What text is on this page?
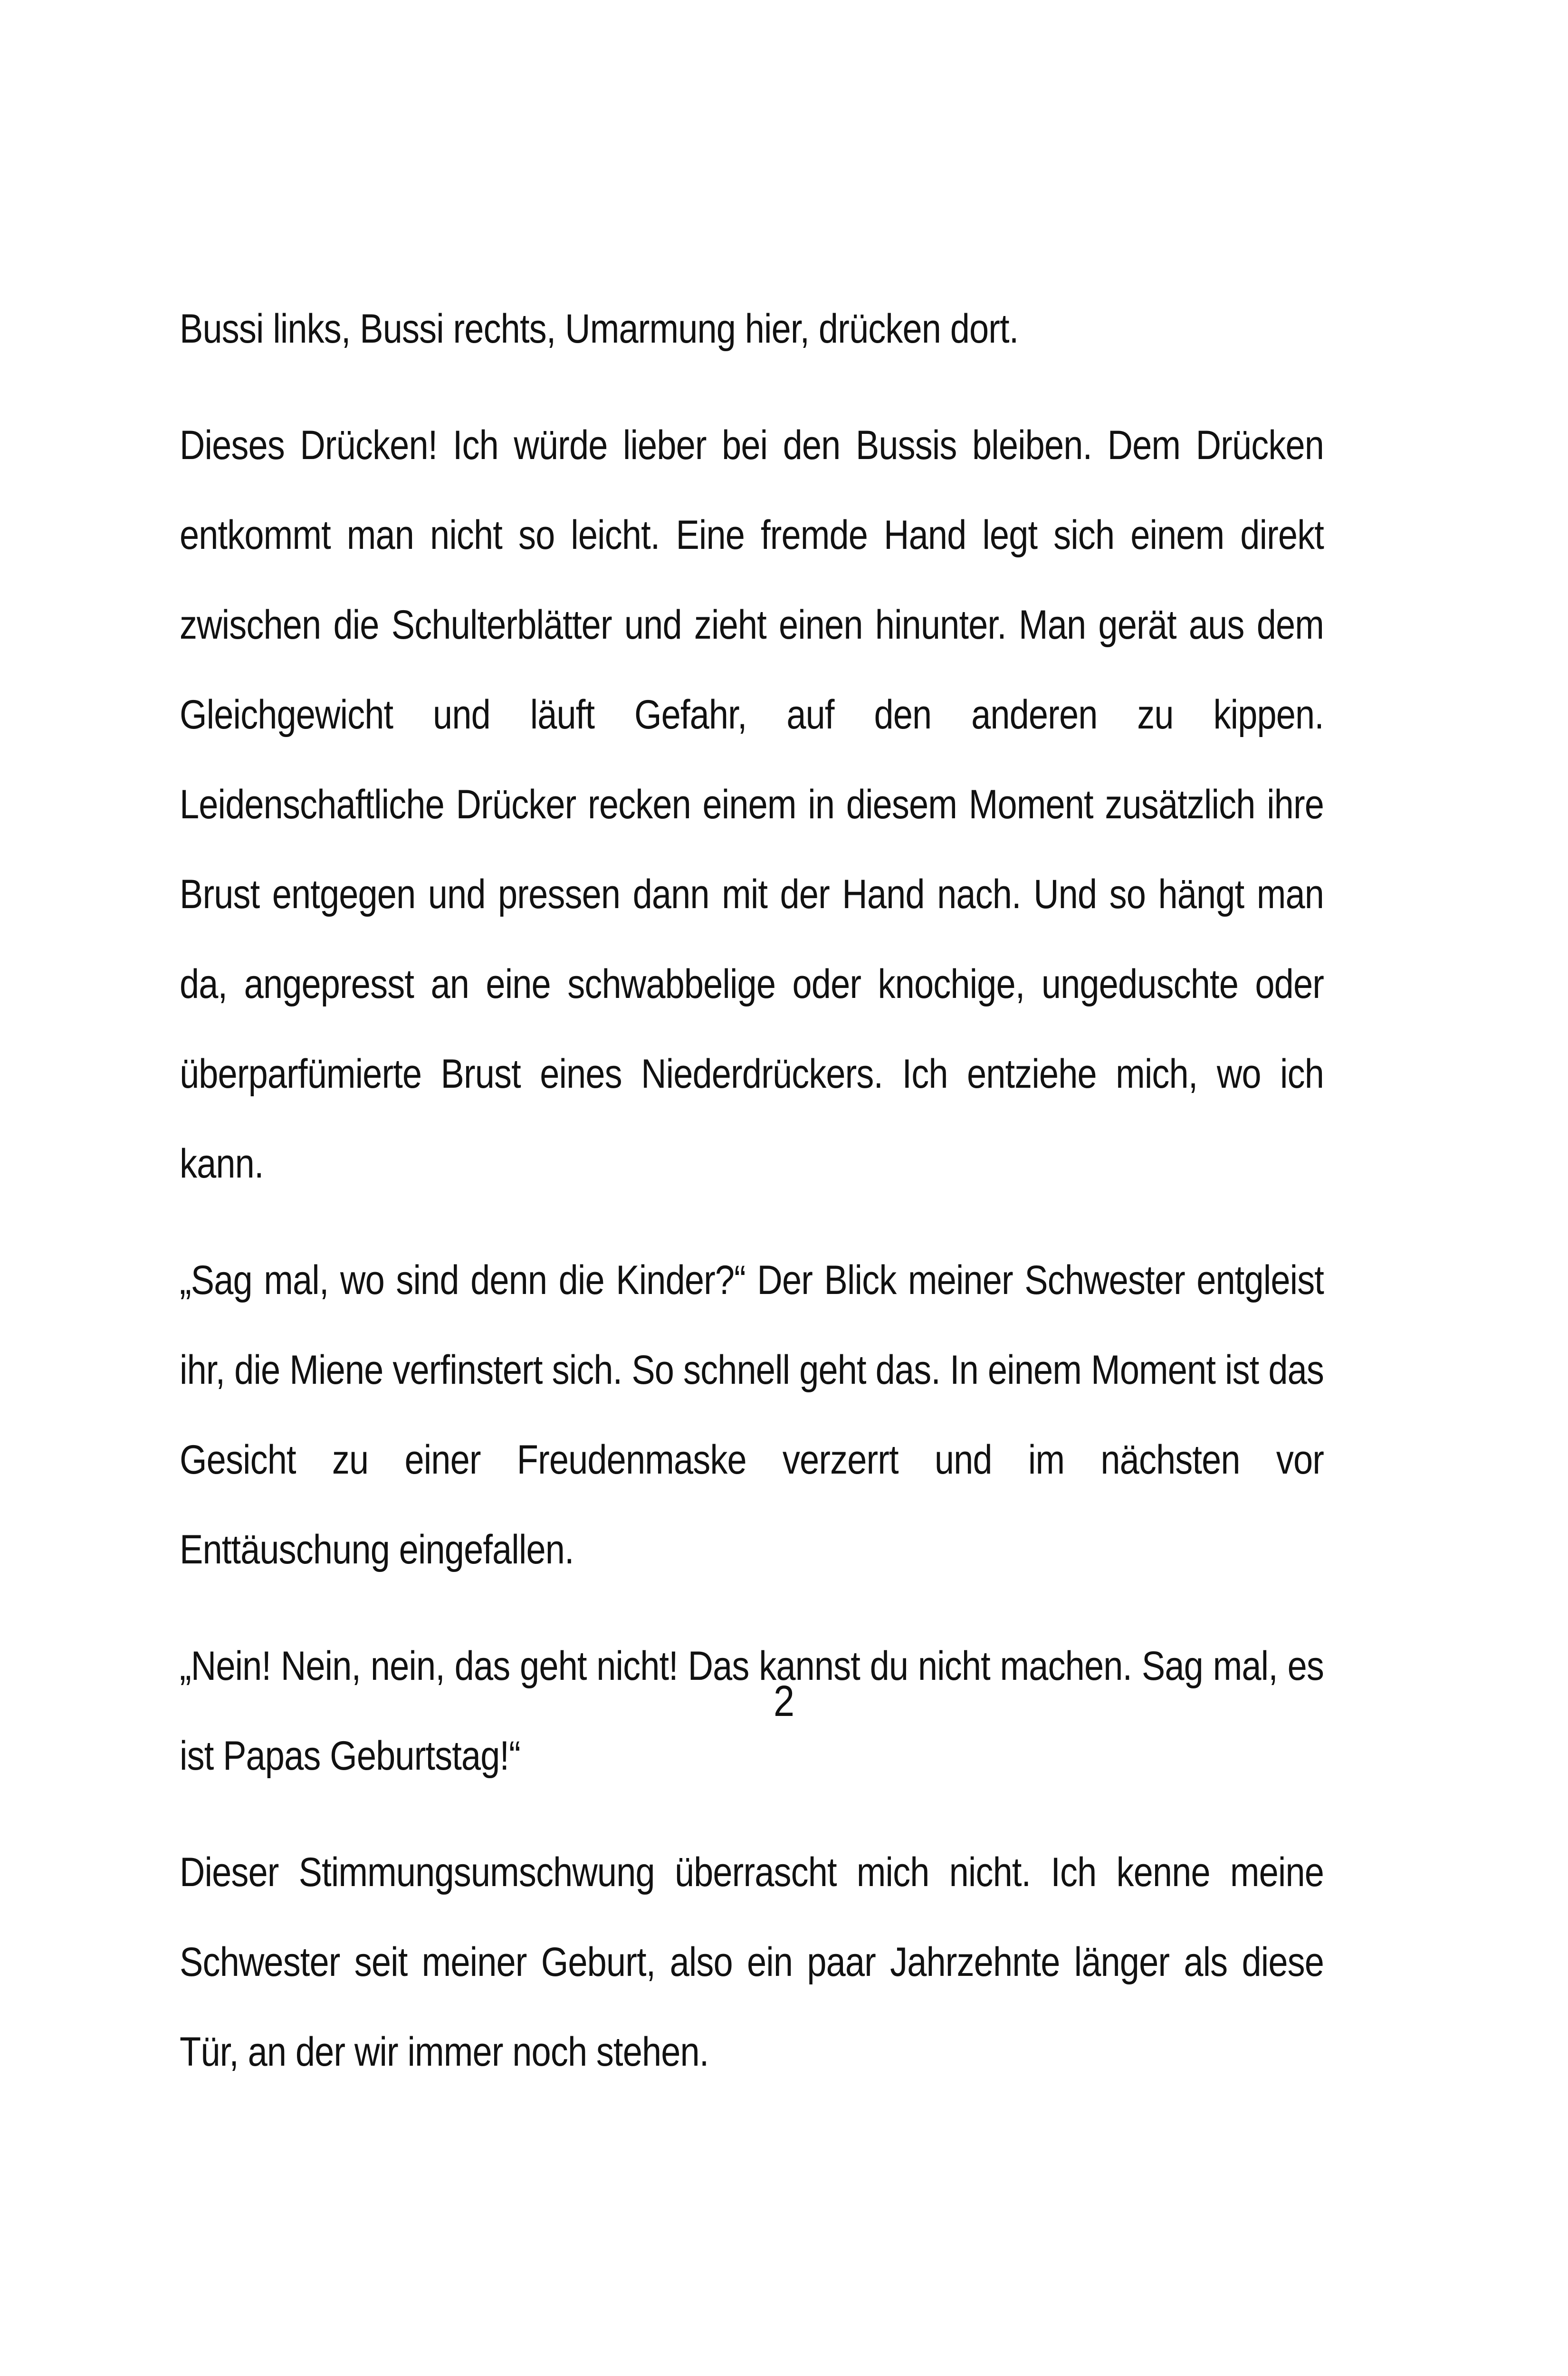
Bussi links, Bussi rechts, Umarmung hier, drücken dort.

Dieses Drücken! Ich würde lieber bei den Bussis bleiben. Dem Drücken entkommt man nicht so leicht. Eine fremde Hand legt sich einem direkt zwischen die Schulterblätter und zieht einen hinunter. Man gerät aus dem Gleichgewicht und läuft Gefahr, auf den anderen zu kippen. Leidenschaftliche Drücker recken einem in diesem Moment zusätzlich ihre Brust entgegen und pressen dann mit der Hand nach. Und so hängt man da, angepresst an eine schwabbelige oder knochige, ungeduschte oder überparfümierte Brust eines Niederdrückers. Ich entziehe mich, wo ich kann.

„Sag mal, wo sind denn die Kinder?“ Der Blick meiner Schwester entgleist ihr, die Miene verfinstert sich. So schnell geht das. In einem Moment ist das Gesicht zu einer Freudenmaske verzerrt und im nächsten vor Enttäuschung eingefallen.

„Nein! Nein, nein, das geht nicht! Das kannst du nicht machen. Sag mal, es ist Papas Geburtstag!“

Dieser Stimmungsumschwung überrascht mich nicht. Ich kenne meine Schwester seit meiner Geburt, also ein paar Jahrzehnte länger als diese Tür, an der wir immer noch stehen.

2
